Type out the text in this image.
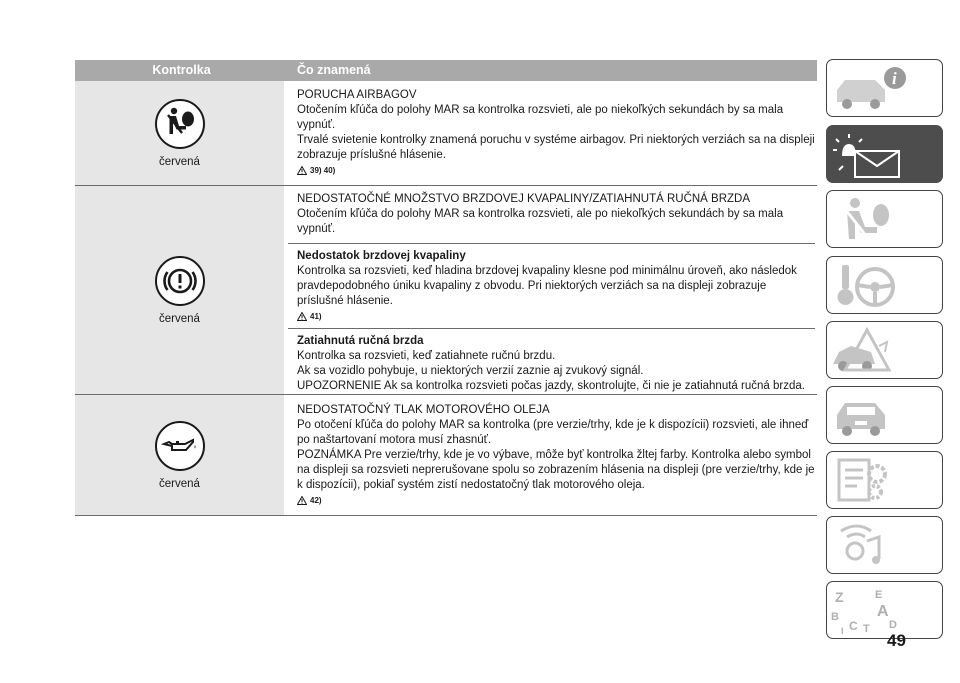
Kontrolka	Čo znamená
červená
PORUCHA AIRBAGOV
Otočením kľúča do polohy MAR sa kontrolka rozsvieti, ale po niekoľkých sekundách by sa mala vypnúť.
Trvalé svietenie kontrolky znamená poruchu v systéme airbagov. Pri niektorých verziách sa na displeji zobrazuje príslušné hlásenie.
39) 40)
červená
NEDOSTATOČNÉ MNOŽSTVO BRZDOVEJ KVAPALINY/ZATIAHNUTÁ RUČNÁ BRZDA
Otočením kľúča do polohy MAR sa kontrolka rozsvieti, ale po niekoľkých sekundách by sa mala vypnúť.
Nedostatok brzdovej kvapaliny
Kontrolka sa rozsvieti, keď hladina brzdovej kvapaliny klesne pod minimálnu úroveň, ako následok pravdepodobného úniku kvapaliny z obvodu. Pri niektorých verziách sa na displeji zobrazuje príslušné hlásenie.
41)
Zatiahnutá ručná brzda
Kontrolka sa rozsvieti, keď zatiahnete ručnú brzdu.
Ak sa vozidlo pohybuje, u niektorých verzií zaznie aj zvukový signál.
UPOZORNENIE Ak sa kontrolka rozsvieti počas jazdy, skontrolujte, či nie je zatiahnutá ručná brzda.
červená
NEDOSTATOČNÝ TLAK MOTOROVÉHO OLEJA
Po otočení kľúča do polohy MAR sa kontrolka (pre verzie/trhy, kde je k dispozícii) rozsvieti, ale ihneď po naštartovaní motora musí zhasnúť.
POZNÁMKA Pre verzie/trhy, kde je vo výbave, môže byť kontrolka žltej farby. Kontrolka alebo symbol na displeji sa rozsvieti neprerušovane spolu so zobrazením hlásenia na displeji (pre verzie/trhy, kde je k dispozícii), pokiaľ systém zistí nedostatočný tlak motorového oleja.
42)
i
Z	E
B A
C T D
I	49
